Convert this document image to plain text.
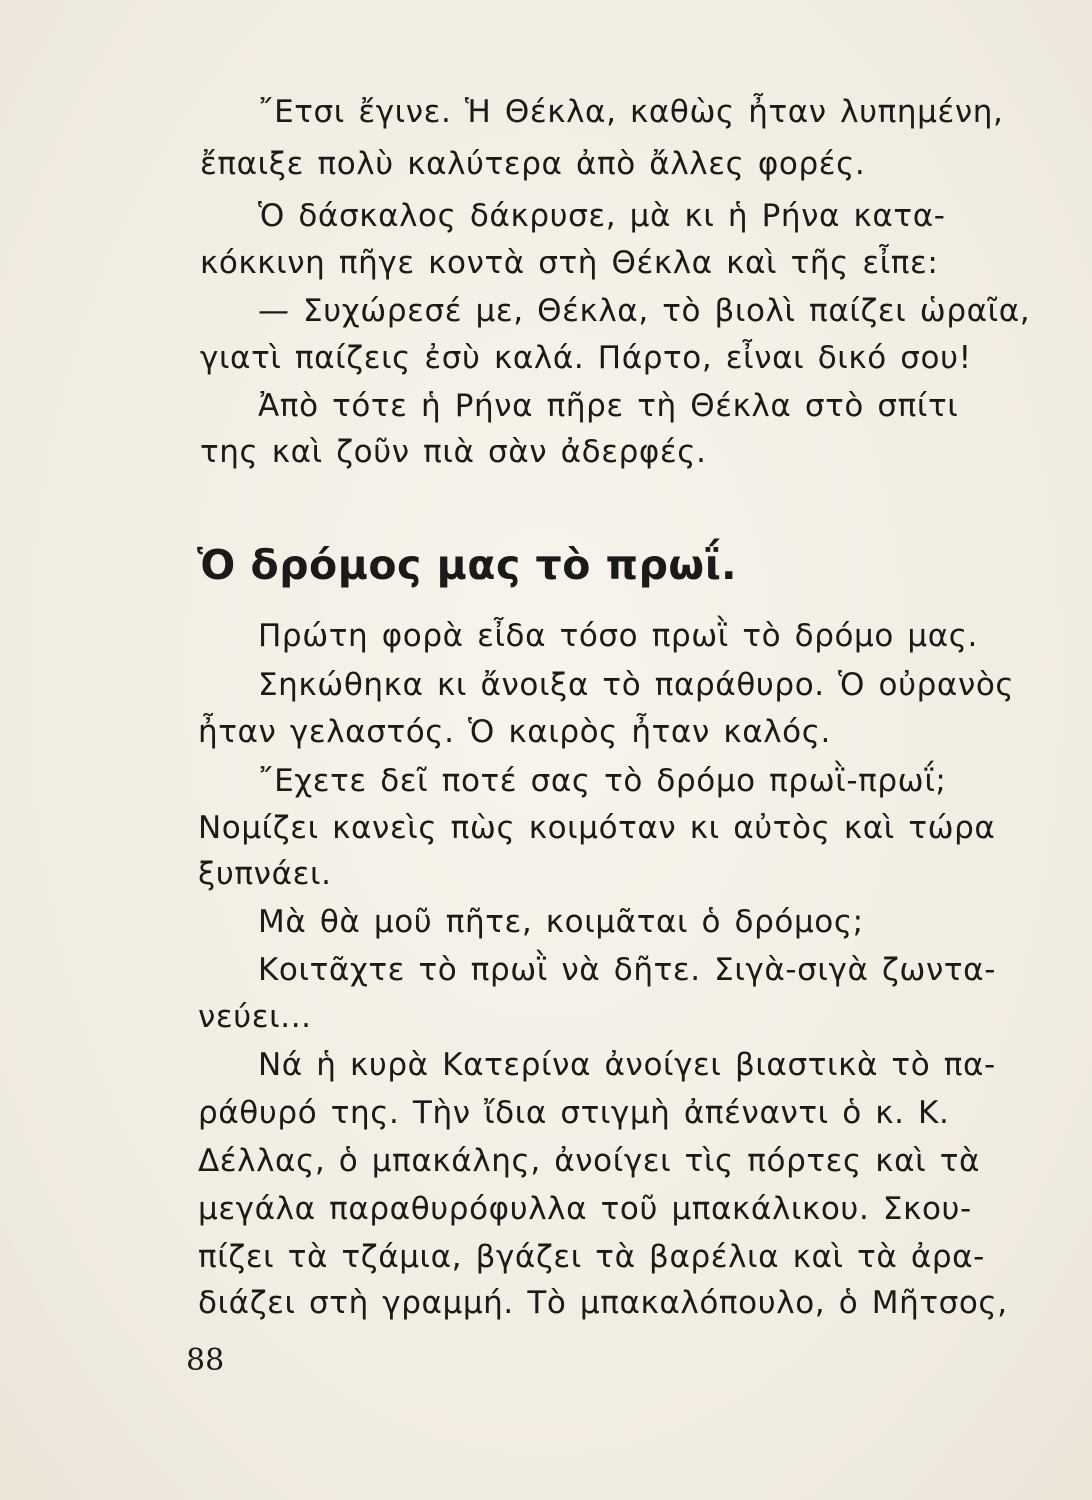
῎Ετσι ἔγινε. Ἡ Θέκλα, καθὼς ἦταν λυπημένη,
ἔπαιξε πολὺ καλύτερα ἀπὸ ἄλλες φορές.
Ὁ δάσκαλος δάκρυσε, μὰ κι ἡ Ρήνα κατα-
κόκκινη πῆγε κοντὰ στὴ Θέκλα καὶ τῆς εἶπε:
— Συχώρεσέ με, Θέκλα, τὸ βιολὶ παίζει ὡραῖα,
γιατὶ παίζεις ἐσὺ καλά. Πάρτο, εἶναι δικό σου!
Ἀπὸ τότε ἡ Ρήνα πῆρε τὴ Θέκλα στὸ σπίτι
της καὶ ζοῦν πιὰ σὰν ἀδερφές.
Ὁ δρόμος μας τὸ πρωΐ.
Πρώτη φορὰ εἶδα τόσο πρωῒ τὸ δρόμο μας.
Σηκώθηκα κι ἄνοιξα τὸ παράθυρο. Ὁ οὐρανὸς
ἦταν γελαστός. Ὁ καιρὸς ἦταν καλός.
῎Εχετε δεῖ ποτέ σας τὸ δρόμο πρωῒ-πρωΐ;
Νομίζει κανεὶς πὼς κοιμόταν κι αὐτὸς καὶ τώρα
ξυπνάει.
Μὰ θὰ μοῦ πῆτε, κοιμᾶται ὁ δρόμος;
Κοιτᾶχτε τὸ πρωῒ νὰ δῆτε. Σιγὰ-σιγὰ ζωντα-
νεύει...
Νά ἡ κυρὰ Κατερίνα ἀνοίγει βιαστικὰ τὸ πα-
ράθυρό της. Τὴν ἴδια στιγμὴ ἀπέναντι ὁ κ. Κ.
Δέλλας, ὁ μπακάλης, ἀνοίγει τὶς πόρτες καὶ τὰ
μεγάλα παραθυρόφυλλα τοῦ μπακάλικου. Σκου-
πίζει τὰ τζάμια, βγάζει τὰ βαρέλια καὶ τὰ ἀρα-
διάζει στὴ γραμμή. Τὸ μπακαλόπουλο, ὁ Μῆτσος,
88
